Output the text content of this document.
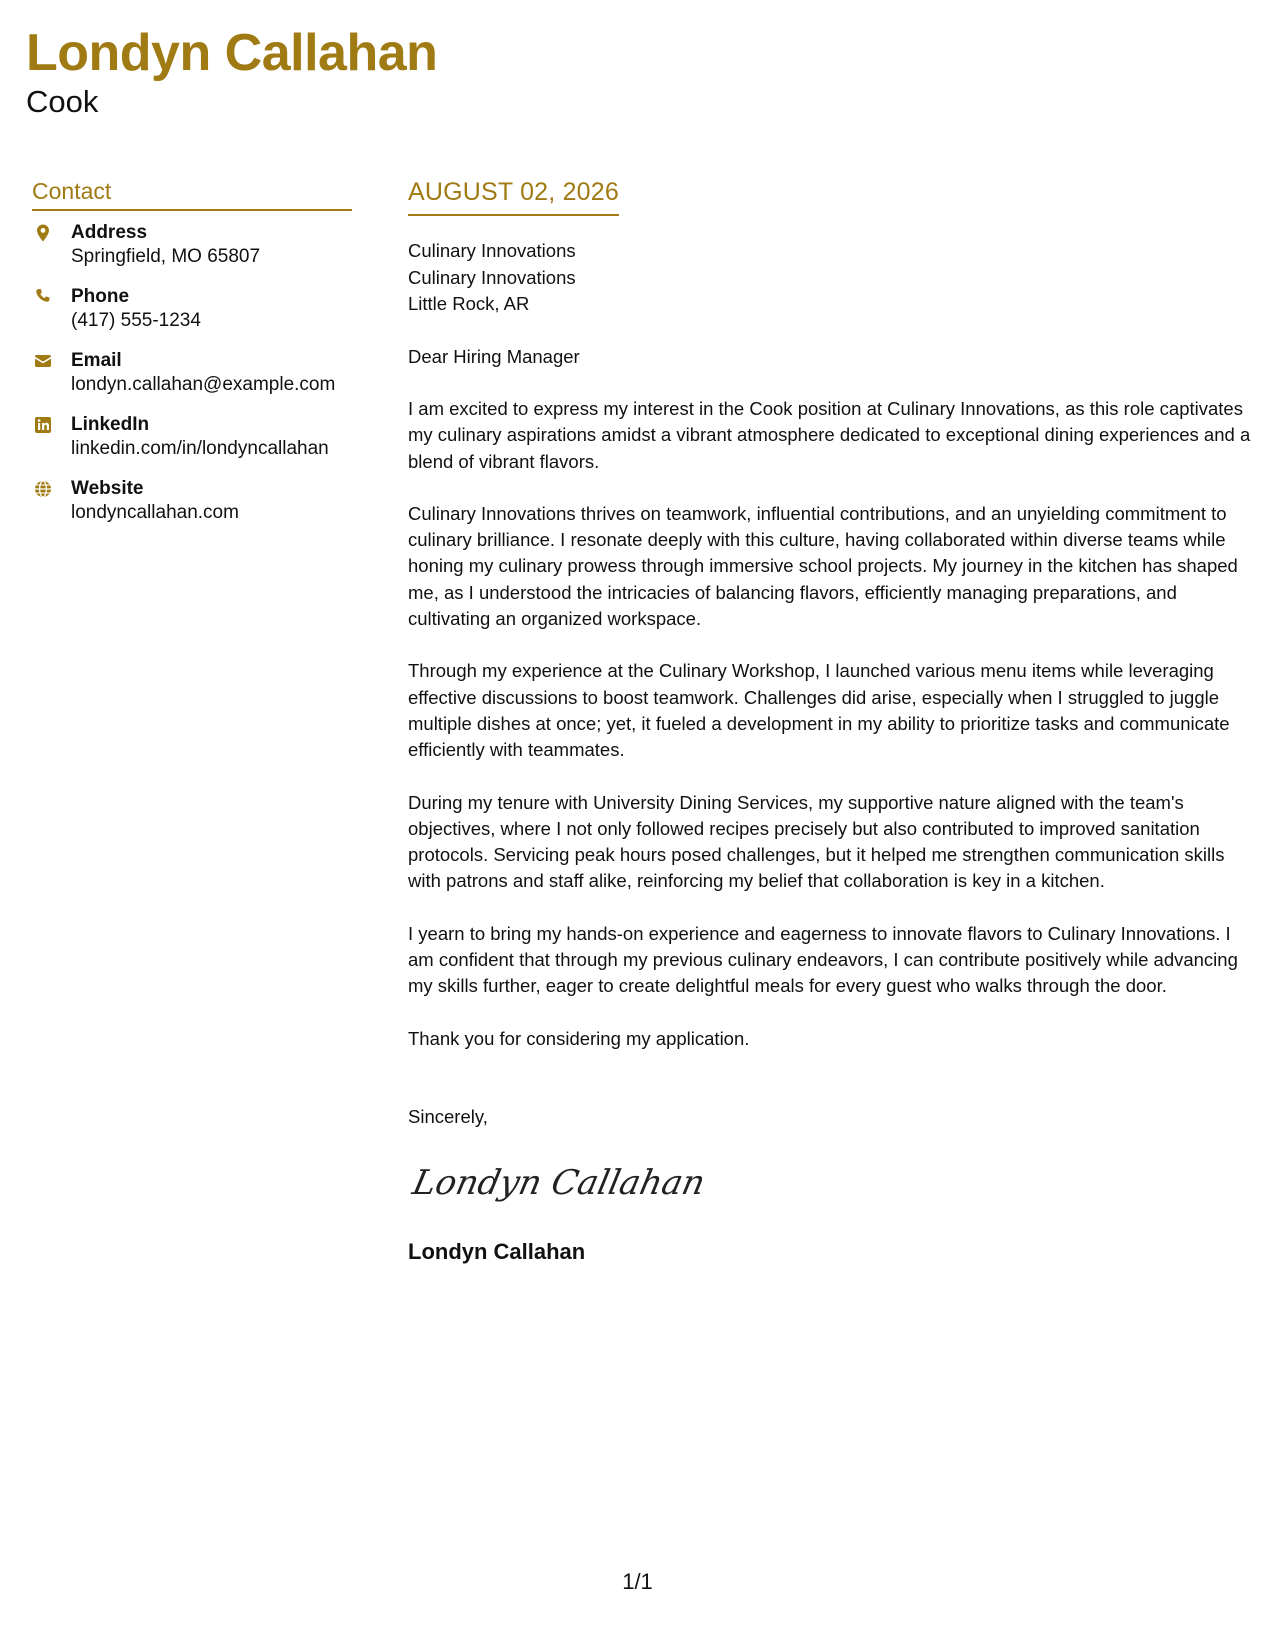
Londyn Callahan
Cook
Contact
Address
Springfield, MO 65807
Phone
(417) 555-1234
Email
londyn.callahan@example.com
LinkedIn
linkedin.com/in/londyncallahan
Website
londyncallahan.com
AUGUST 02, 2026
Culinary Innovations
Culinary Innovations
Little Rock, AR
Dear Hiring Manager
I am excited to express my interest in the Cook position at Culinary Innovations, as this role captivates my culinary aspirations amidst a vibrant atmosphere dedicated to exceptional dining experiences and a blend of vibrant flavors.
Culinary Innovations thrives on teamwork, influential contributions, and an unyielding commitment to culinary brilliance. I resonate deeply with this culture, having collaborated within diverse teams while honing my culinary prowess through immersive school projects. My journey in the kitchen has shaped me, as I understood the intricacies of balancing flavors, efficiently managing preparations, and cultivating an organized workspace.
Through my experience at the Culinary Workshop, I launched various menu items while leveraging effective discussions to boost teamwork. Challenges did arise, especially when I struggled to juggle multiple dishes at once; yet, it fueled a development in my ability to prioritize tasks and communicate efficiently with teammates.
During my tenure with University Dining Services, my supportive nature aligned with the team's objectives, where I not only followed recipes precisely but also contributed to improved sanitation protocols. Servicing peak hours posed challenges, but it helped me strengthen communication skills with patrons and staff alike, reinforcing my belief that collaboration is key in a kitchen.
I yearn to bring my hands-on experience and eagerness to innovate flavors to Culinary Innovations. I am confident that through my previous culinary endeavors, I can contribute positively while advancing my skills further, eager to create delightful meals for every guest who walks through the door.
Thank you for considering my application.
Sincerely,
Londyn Callahan
Londyn Callahan
1/1
